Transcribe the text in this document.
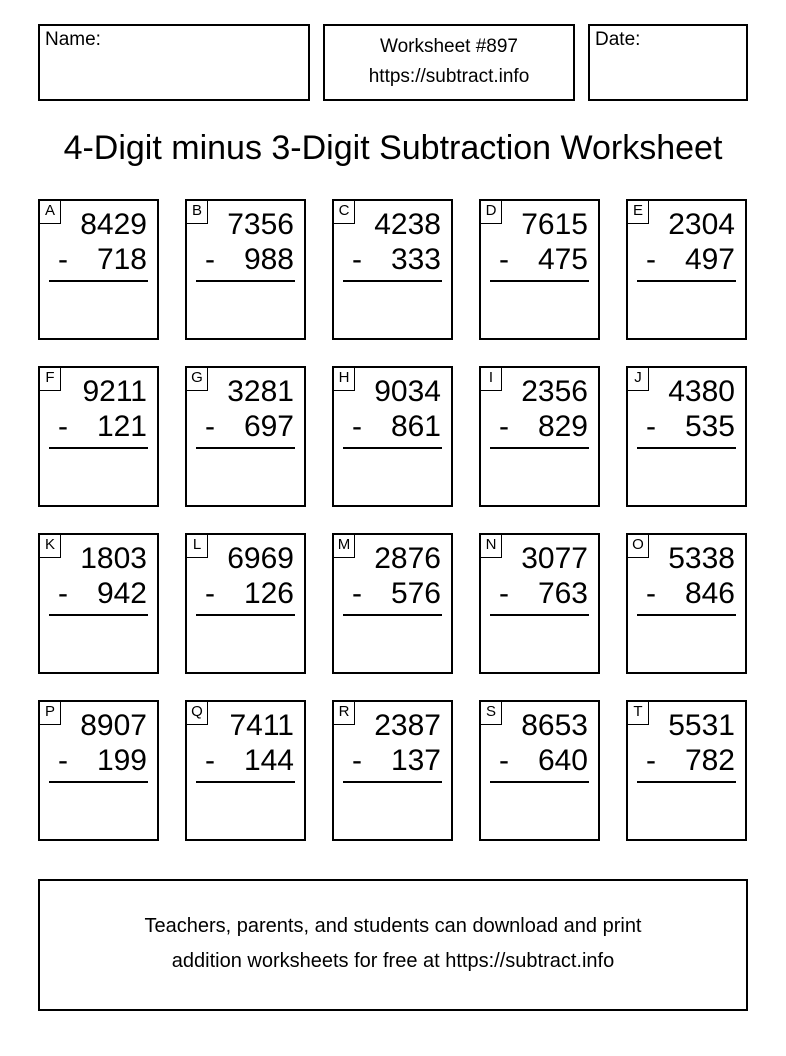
Name:	Worksheet #897
https://subtract.info
Date:
4-Digit minus 3-Digit Subtraction Worksheet
A 8429
- 718
B 7356
- 988
C 4238
- 333
D 7615
- 475
E 2304
- 497
F 9211
- 121
G 3281
- 697
H 9034
- 861
I 2356
- 829
J 4380
- 535
K 1803
- 942
L 6969
- 126
M 2876
- 576
N 3077
- 763
O 5338
- 846
P 8907
- 199
Q 7411
- 144
R 2387
- 137
S 8653
- 640
T 5531
- 782
Teachers, parents, and students can download and print
addition worksheets for free at https://subtract.info
